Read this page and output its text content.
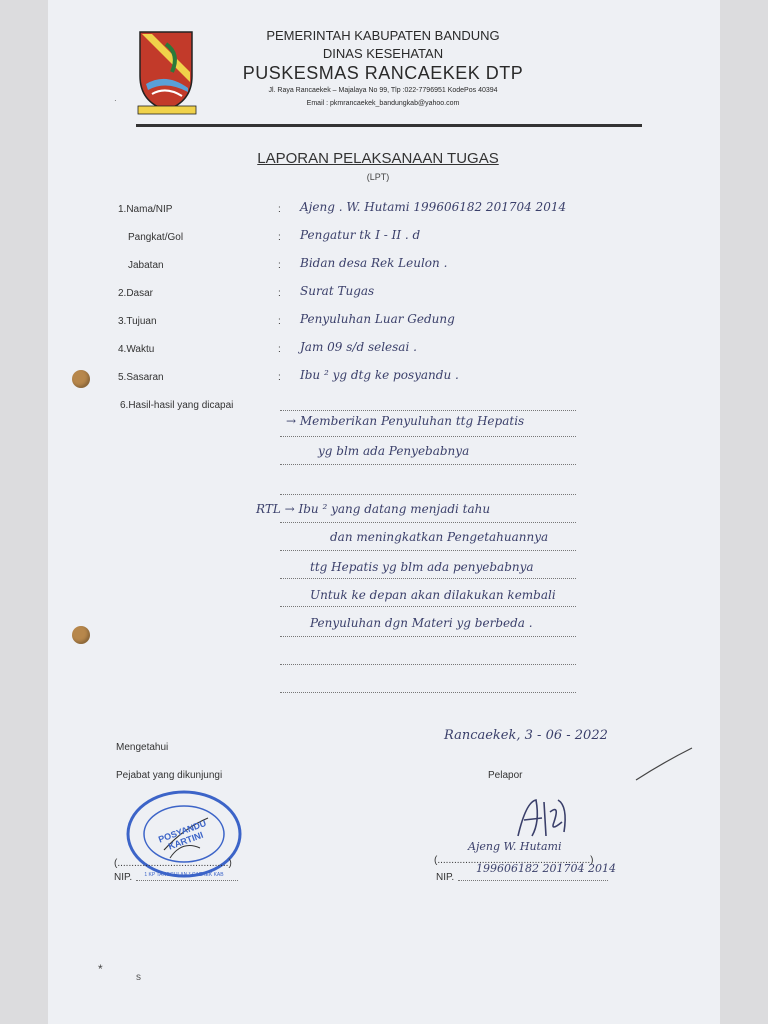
PEMERINTAH KABUPATEN BANDUNG
DINAS KESEHATAN
PUSKESMAS RANCAEKEK DTP
Jl. Raya Rancaekek – Majalaya No 99, Tlp :022-7796951 KodePos 40394
Email : pkmrancaekek_bandungkab@yahoo.com
LAPORAN PELAKSANAAN TUGAS
(LPT)
1.Nama/NIP	: Ajeng . W. Hutami 199606182 201704 2014
Pangkat/Gol	: Pengatur tk I - II . d
Jabatan	: Bidan desa Rek Leulon .
2.Dasar	: Surat Tugas
3.Tujuan	: Penyuluhan Luar Gedung
4.Waktu	: Jam 09 s/d selesai .
5.Sasaran	: Ibu ² yg dtg ke posyandu .
6.Hasil-hasil yang dicapai
→ Memberikan Penyuluhan ttg Hepatis
yg blm ada Penyebabnya
RTL → Ibu ² yang datang menjadi tahu
dan meningkatkan Pengetahuannya
ttg Hepatis yg blm ada penyebabnya
Untuk ke depan akan dilakukan kembali
Penyuluhan dgn Materi yg berbeda .
Rancaekek, 3 - 06 - 2022
Mengetahui
Pejabat yang dikunjungi
POSYANDU KARTINI
1 KP TANGGULAN * CAEKEK KAB
(........................................)
NIP.
Pelapor
Ajeng W. Hutami
(.......................................................)
NIP.
199606182 201704 2014
·
*
s
